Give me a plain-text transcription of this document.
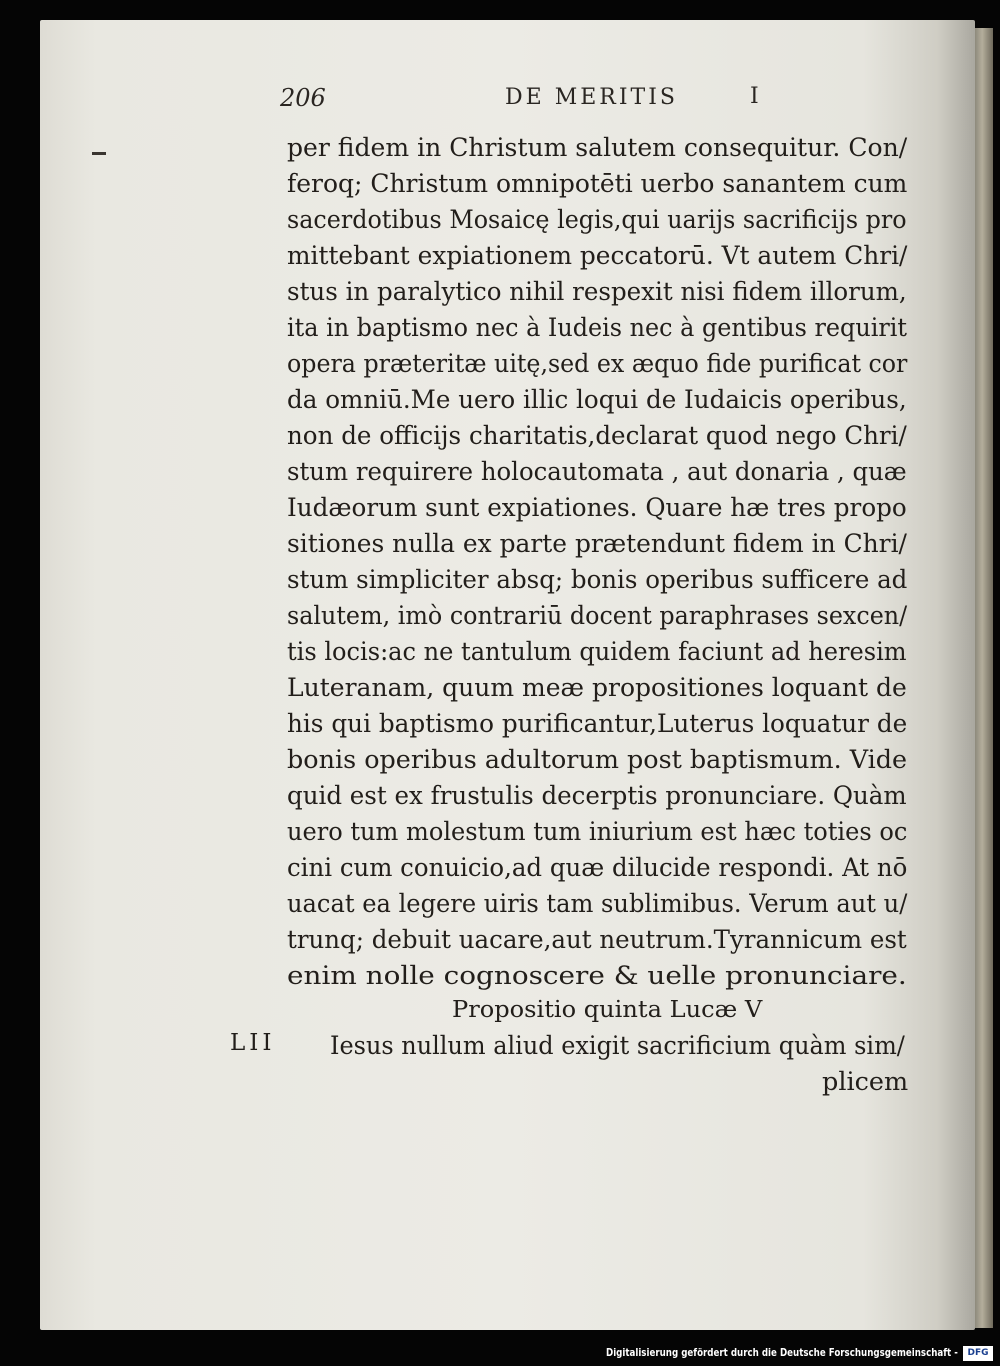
206	DE MERITIS	I
per fidem in Christum salutem consequitur. Con/
feroq; Christum omnipotēti uerbo sanantem cum
sacerdotibus Mosaicę legis,qui uarijs sacrificijs pro
mittebant expiationem peccatorū. Vt autem Chri/
stus in paralytico nihil respexit nisi fidem illorum,
ita in baptismo nec à Iudeis nec à gentibus requirit
opera præteritæ uitę,sed ex æquo fide purificat cor
da omniū.Me uero illic loqui de Iudaicis operibus,
non de officijs charitatis,declarat quod nego Chri/
stum requirere holocautomata , aut donaria , quæ
Iudæorum sunt expiationes. Quare hæ tres propo
sitiones nulla ex parte prætendunt fidem in Chri/
stum simpliciter absq; bonis operibus sufficere ad
salutem, imò contrariū docent paraphrases sexcen/
tis locis:ac ne tantulum quidem faciunt ad heresim
Luteranam, quum meæ propositiones loquant de
his qui baptismo purificantur,Luterus loquatur de
bonis operibus adultorum post baptismum. Vide
quid est ex frustulis decerptis pronunciare. Quàm
uero tum molestum tum iniurium est hæc toties oc
cini cum conuicio,ad quæ dilucide respondi. At nō
uacat ea legere uiris tam sublimibus. Verum aut u/
trunq; debuit uacare,aut neutrum.Tyrannicum est
enim nolle cognoscere & uelle pronunciare.
Propositio quinta Lucæ V
LII Iesus nullum aliud exigit sacrificium quàm sim/
plicem
Digitalisierung gefördert durch die Deutsche Forschungsgemeinschaft -	DFG
